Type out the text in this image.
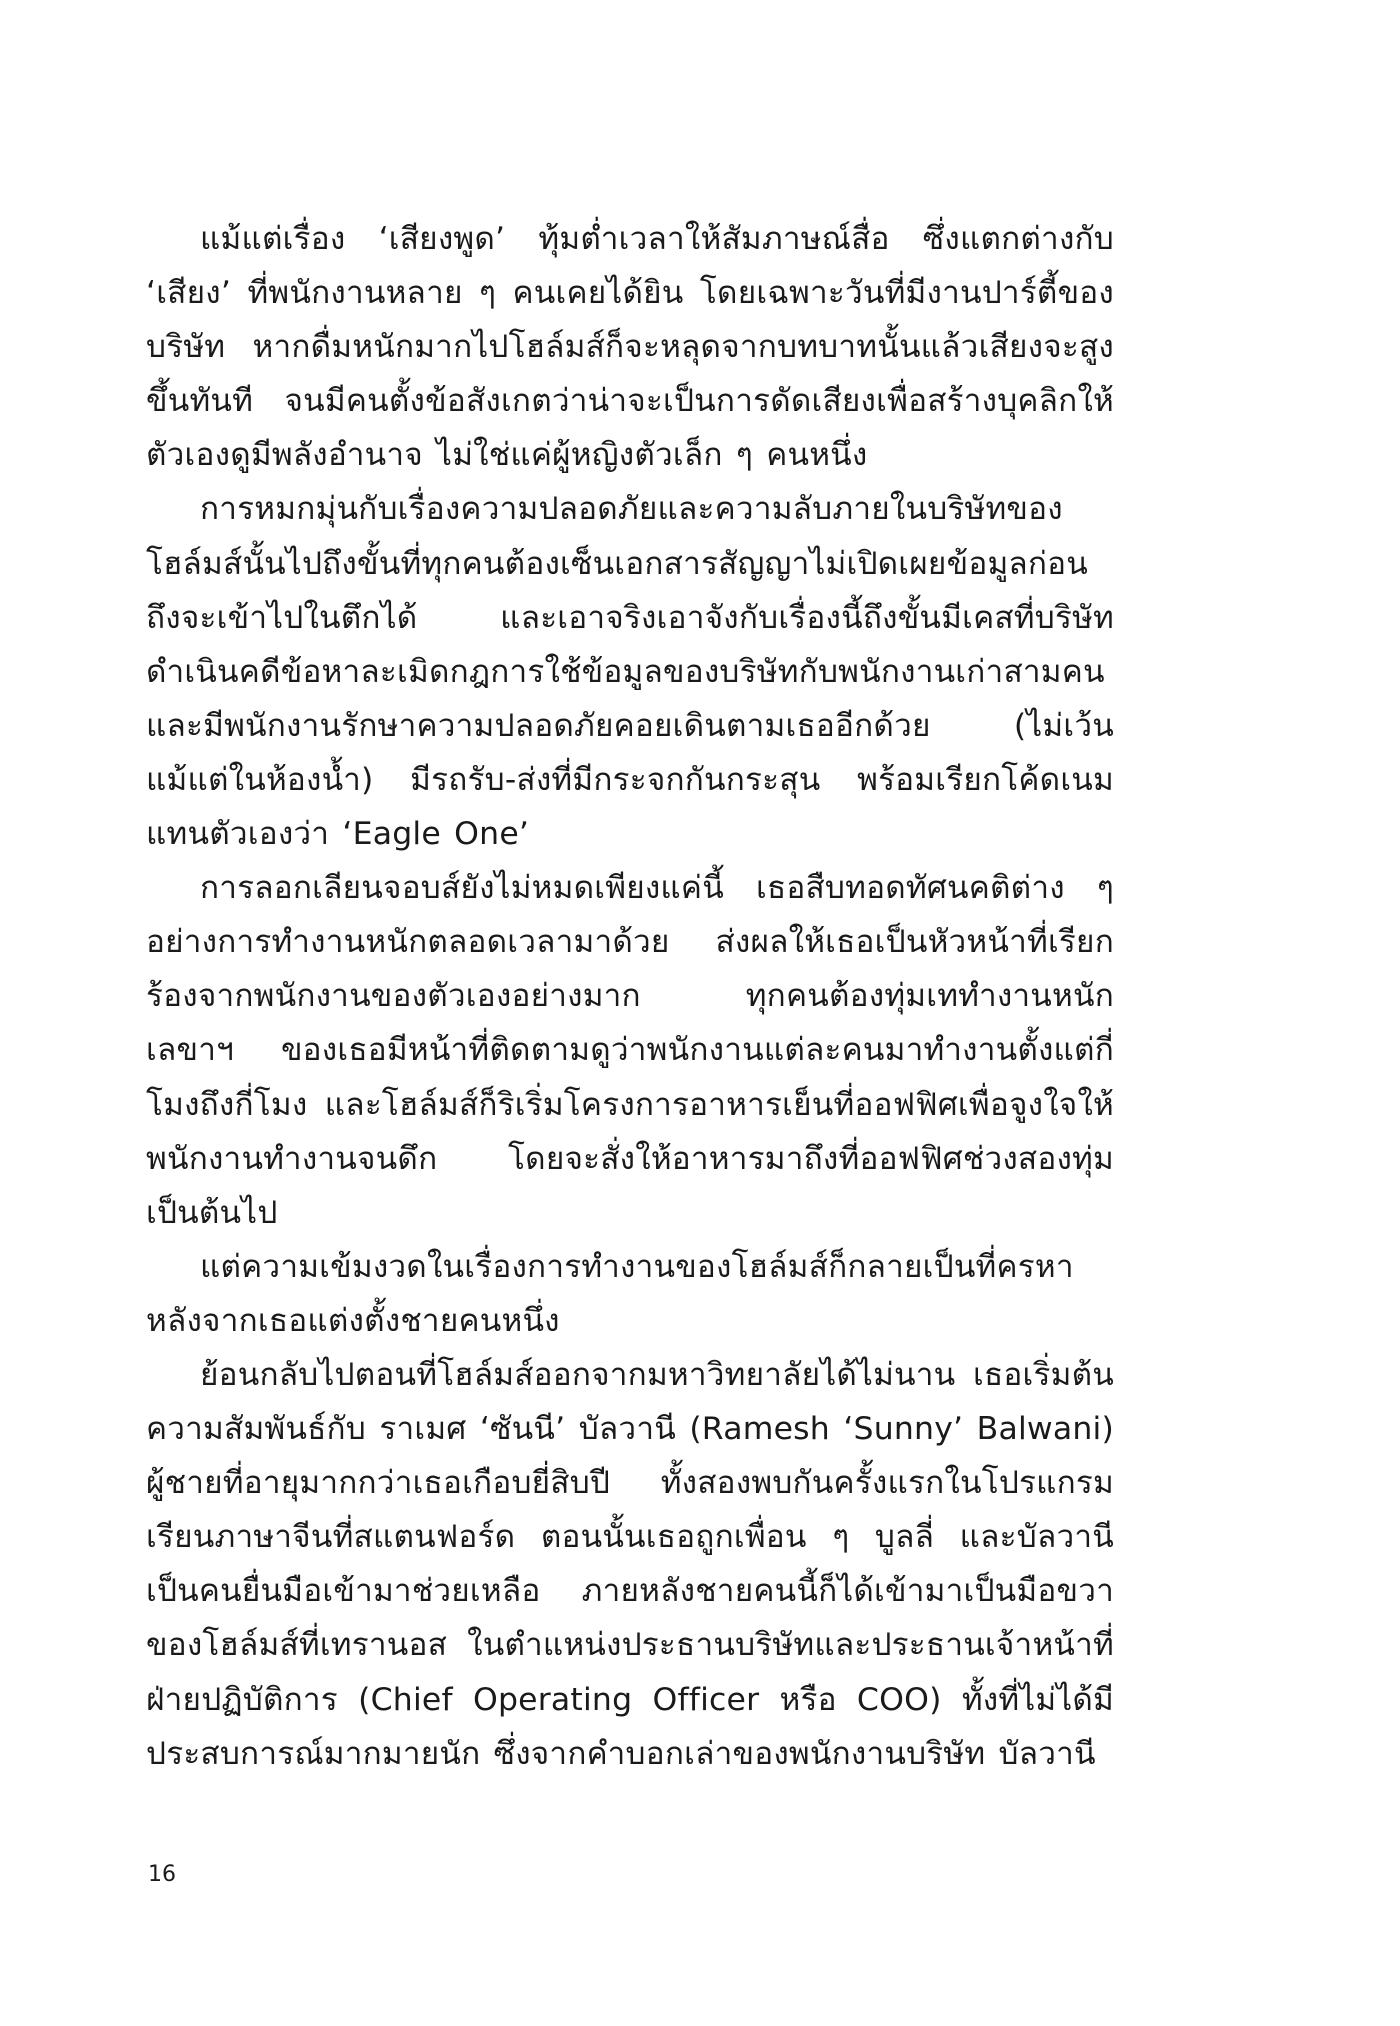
แม้แต่เรื่อง ‘เสียงพูด’ ทุ้มต่ำเวลาให้สัมภาษณ์สื่อ ซึ่งแตกต่างกับ ‘เสียง’ ที่พนักงานหลาย ๆ คนเคยได้ยิน โดยเฉพาะวันที่มีงานปาร์ตี้ของบริษัท หากดื่มหนักมากไปโฮล์มส์ก็จะหลุดจากบทบาทนั้นแล้วเสียงจะสูงขึ้นทันที จนมีคนตั้งข้อสังเกตว่าน่าจะเป็นการดัดเสียงเพื่อสร้างบุคลิกให้ตัวเองดูมีพลังอำนาจ ไม่ใช่แค่ผู้หญิงตัวเล็ก ๆ คนหนึ่ง

การหมกมุ่นกับเรื่องความปลอดภัยและความลับภายในบริษัทของโฮล์มส์นั้นไปถึงขั้นที่ทุกคนต้องเซ็นเอกสารสัญญาไม่เปิดเผยข้อมูลก่อนถึงจะเข้าไปในตึกได้ และเอาจริงเอาจังกับเรื่องนี้ถึงขั้นมีเคสที่บริษัทดำเนินคดีข้อหาละเมิดกฎการใช้ข้อมูลของบริษัทกับพนักงานเก่าสามคนและมีพนักงานรักษาความปลอดภัยคอยเดินตามเธออีกด้วย (ไม่เว้นแม้แต่ในห้องน้ำ) มีรถรับ-ส่งที่มีกระจกกันกระสุน พร้อมเรียกโค้ดเนมแทนตัวเองว่า ‘Eagle One’

การลอกเลียนจอบส์ยังไม่หมดเพียงแค่นี้ เธอสืบทอดทัศนคติต่าง ๆ อย่างการทำงานหนักตลอดเวลามาด้วย ส่งผลให้เธอเป็นหัวหน้าที่เรียกร้องจากพนักงานของตัวเองอย่างมาก ทุกคนต้องทุ่มเททำงานหนัก เลขาฯ ของเธอมีหน้าที่ติดตามดูว่าพนักงานแต่ละคนมาทำงานตั้งแต่กี่โมงถึงกี่โมง และโฮล์มส์ก็ริเริ่มโครงการอาหารเย็นที่ออฟฟิศเพื่อจูงใจให้พนักงานทำงานจนดึก โดยจะสั่งให้อาหารมาถึงที่ออฟฟิศช่วงสองทุ่มเป็นต้นไป

แต่ความเข้มงวดในเรื่องการทำงานของโฮล์มส์ก็กลายเป็นที่ครหาหลังจากเธอแต่งตั้งชายคนหนึ่ง

ย้อนกลับไปตอนที่โฮล์มส์ออกจากมหาวิทยาลัยได้ไม่นาน เธอเริ่มต้นความสัมพันธ์กับ ราเมศ ‘ซันนี’ บัลวานี (Ramesh ‘Sunny’ Balwani) ผู้ชายที่อายุมากกว่าเธอเกือบยี่สิบปี ทั้งสองพบกันครั้งแรกในโปรแกรมเรียนภาษาจีนที่สแตนฟอร์ด ตอนนั้นเธอถูกเพื่อน ๆ บูลลี่ และบัลวานีเป็นคนยื่นมือเข้ามาช่วยเหลือ ภายหลังชายคนนี้ก็ได้เข้ามาเป็นมือขวาของโฮล์มส์ที่เทรานอส ในตำแหน่งประธานบริษัทและประธานเจ้าหน้าที่ฝ่ายปฏิบัติการ (Chief Operating Officer หรือ COO) ทั้งที่ไม่ได้มีประสบการณ์มากมายนัก ซึ่งจากคำบอกเล่าของพนักงานบริษัท บัลวานี

16
